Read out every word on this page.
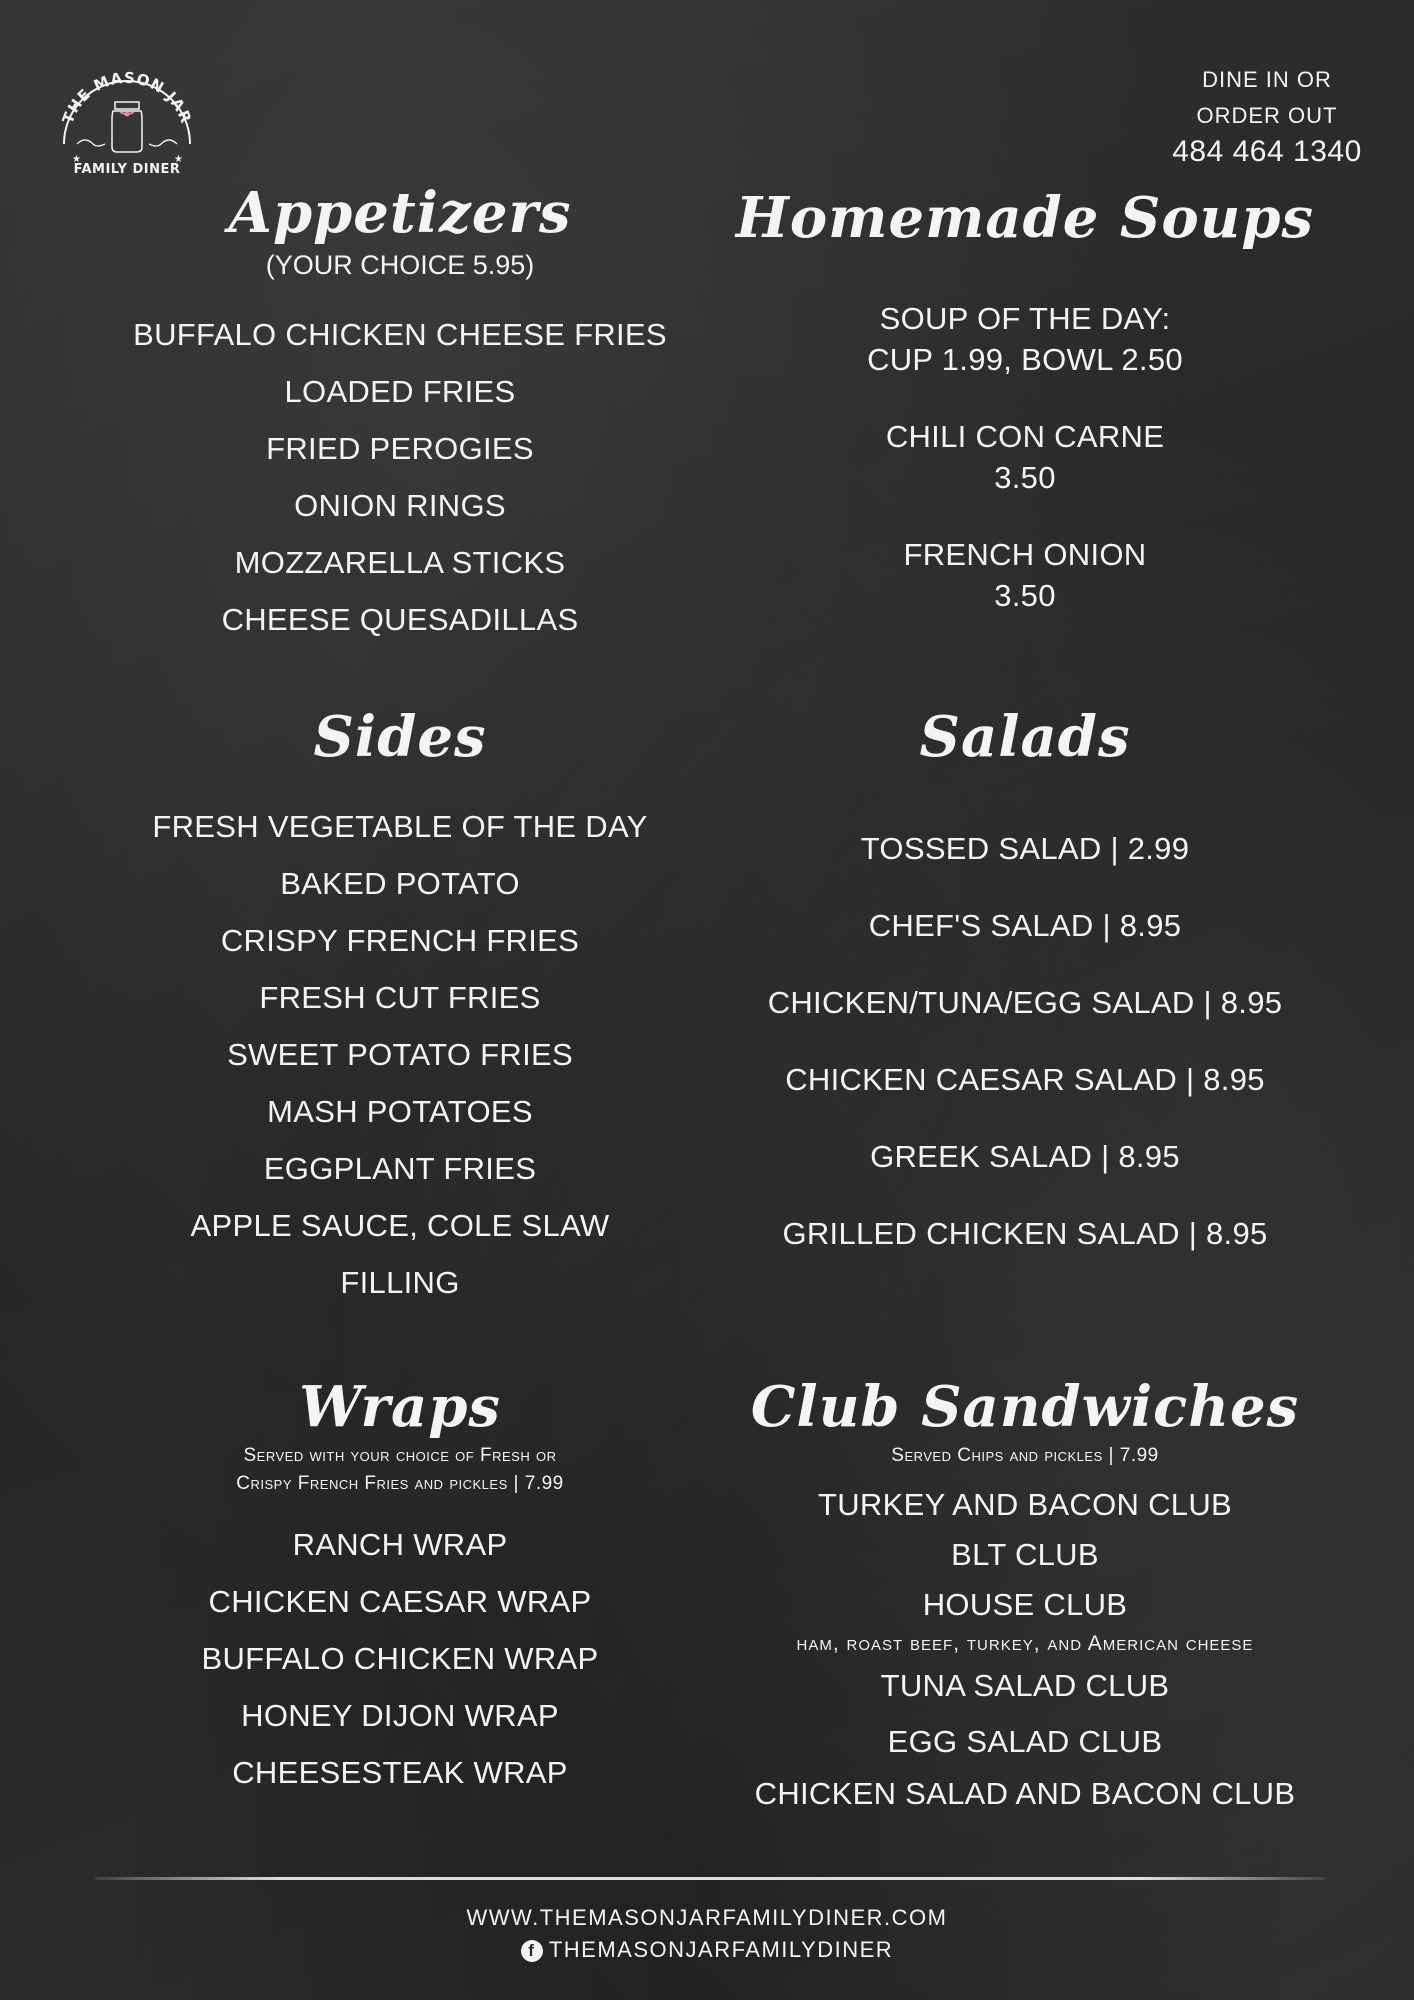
THE MASON JAR
★	★
FAMILY DINER
DINE IN OR
ORDER OUT
484 464 1340
Appetizers
(YOUR CHOICE 5.95)
BUFFALO CHICKEN CHEESE FRIES
LOADED FRIES
FRIED PEROGIES
ONION RINGS
MOZZARELLA STICKS
CHEESE QUESADILLAS
Homemade Soups
SOUP OF THE DAY:
CUP 1.99, BOWL 2.50
CHILI CON CARNE
3.50
FRENCH ONION
3.50
Sides
FRESH VEGETABLE OF THE DAY
BAKED POTATO
CRISPY FRENCH FRIES
FRESH CUT FRIES
SWEET POTATO FRIES
MASH POTATOES
EGGPLANT FRIES
APPLE SAUCE, COLE SLAW
FILLING
Salads
TOSSED SALAD | 2.99
CHEF'S SALAD | 8.95
CHICKEN/TUNA/EGG SALAD | 8.95
CHICKEN CAESAR SALAD | 8.95
GREEK SALAD | 8.95
GRILLED CHICKEN SALAD | 8.95
Wraps
Served with your choice of Fresh or
Crispy French Fries and pickles | 7.99
RANCH WRAP
CHICKEN CAESAR WRAP
BUFFALO CHICKEN WRAP
HONEY DIJON WRAP
CHEESESTEAK WRAP
Club Sandwiches
Served Chips and pickles | 7.99
TURKEY AND BACON CLUB
BLT CLUB
HOUSE CLUB
ham, roast beef, turkey, and American cheese
TUNA SALAD CLUB
EGG SALAD CLUB
CHICKEN SALAD AND BACON CLUB
WWW.THEMASONJARFAMILYDINER.COM
f THEMASONJARFAMILYDINER
